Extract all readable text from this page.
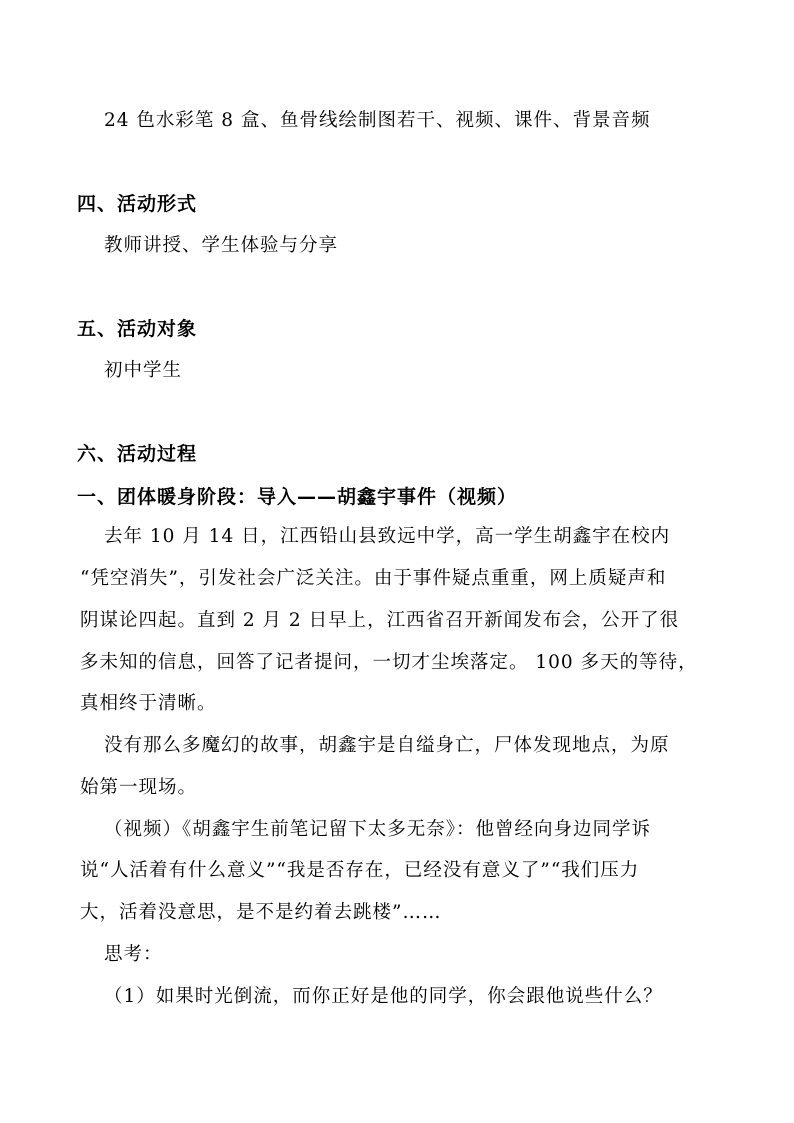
24 色水彩笔 8 盒、鱼骨线绘制图若干、视频、课件、背景音频
四、活动形式
教师讲授、学生体验与分享
五、活动对象
初中学生
六、活动过程
一、团体暖身阶段：导入——胡鑫宇事件（视频）
去年 10 月 14 日，江西铅山县致远中学，高一学生胡鑫宇在校内
“凭空消失”，引发社会广泛关注。由于事件疑点重重，网上质疑声和
阴谋论四起。直到 2 月 2 日早上，江西省召开新闻发布会，公开了很
多未知的信息，回答了记者提问，一切才尘埃落定。 100 多天的等待，
真相终于清晰。
没有那么多魔幻的故事，胡鑫宇是自缢身亡，尸体发现地点，为原
始第一现场。
（视频）《胡鑫宇生前笔记留下太多无奈》：他曾经向身边同学诉
说“人活着有什么意义”“我是否存在，已经没有意义了”“我们压力
大，活着没意思，是不是约着去跳楼”……
思考：
（1）如果时光倒流，而你正好是他的同学，你会跟他说些什么？
